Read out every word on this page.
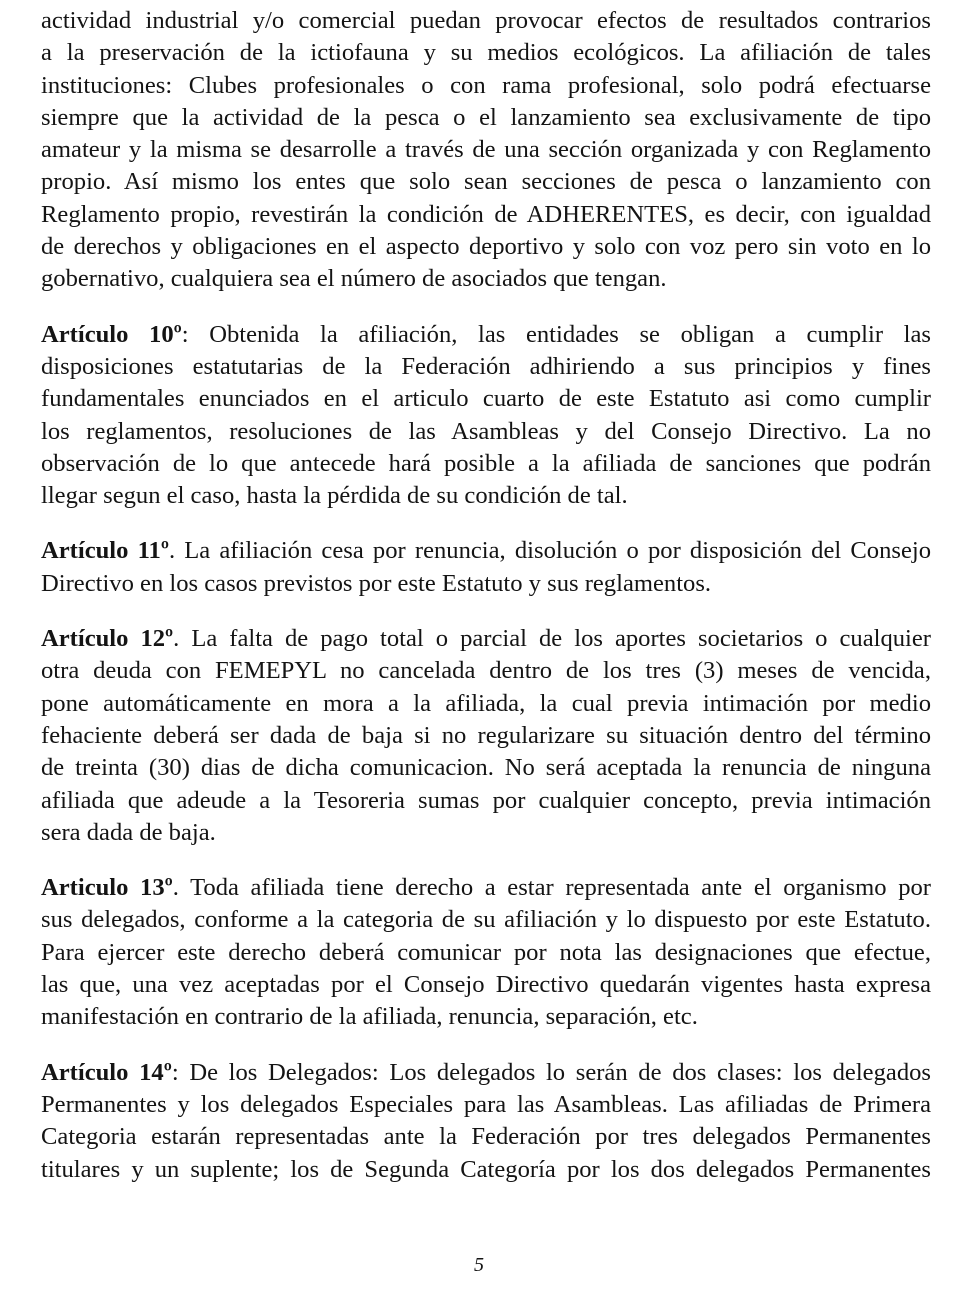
actividad industrial y/o comercial puedan provocar efectos de resultados contrarios
a la preservación de la ictiofauna y su medios ecológicos. La afiliación de tales
instituciones: Clubes profesionales o con rama profesional, solo podrá efectuarse
siempre que la actividad de la pesca o el lanzamiento sea exclusivamente de tipo
amateur y la misma se desarrolle a través de una sección organizada y con Reglamento
propio. Así mismo los entes que solo sean secciones de pesca o lanzamiento con
Reglamento propio, revestirán la condición de ADHERENTES, es decir, con igualdad
de derechos y obligaciones en el aspecto deportivo y solo con voz pero sin voto en lo
gobernativo, cualquiera sea el número de asociados que tengan.
Artículo 10º: Obtenida la afiliación, las entidades se obligan a cumplir las
disposiciones estatutarias de la Federación adhiriendo a sus principios y fines
fundamentales enunciados en el articulo cuarto de este Estatuto asi como cumplir
los reglamentos, resoluciones de las Asambleas y del Consejo Directivo. La no
observación de lo que antecede hará posible a la afiliada de sanciones que podrán
llegar segun el caso, hasta la pérdida de su condición de tal.
Artículo 11º. La afiliación cesa por renuncia, disolución o por disposición del Consejo
Directivo en los casos previstos por este Estatuto y sus reglamentos.
Artículo 12º. La falta de pago total o parcial de los aportes societarios o cualquier
otra deuda con FEMEPYL no cancelada dentro de los tres (3) meses de vencida,
pone automáticamente en mora a la afiliada, la cual previa intimación por medio
fehaciente deberá ser dada de baja si no regularizare su situación dentro del término
de treinta (30) dias de dicha comunicacion. No será aceptada la renuncia de ninguna
afiliada que adeude a la Tesoreria sumas por cualquier concepto, previa intimación
sera dada de baja.
Articulo 13º. Toda afiliada tiene derecho a estar representada ante el organismo por
sus delegados, conforme a la categoria de su afiliación y lo dispuesto por este Estatuto.
Para ejercer este derecho deberá comunicar por nota las designaciones que efectue,
las que, una vez aceptadas por el Consejo Directivo quedarán vigentes hasta expresa
manifestación en contrario de la afiliada, renuncia, separación, etc.
Artículo 14º: De los Delegados: Los delegados lo serán de dos clases: los delegados
Permanentes y los delegados Especiales para las Asambleas. Las afiliadas de Primera
Categoria estarán representadas ante la Federación por tres delegados Permanentes
titulares y un suplente; los de Segunda Categoría por los dos delegados Permanentes
5
